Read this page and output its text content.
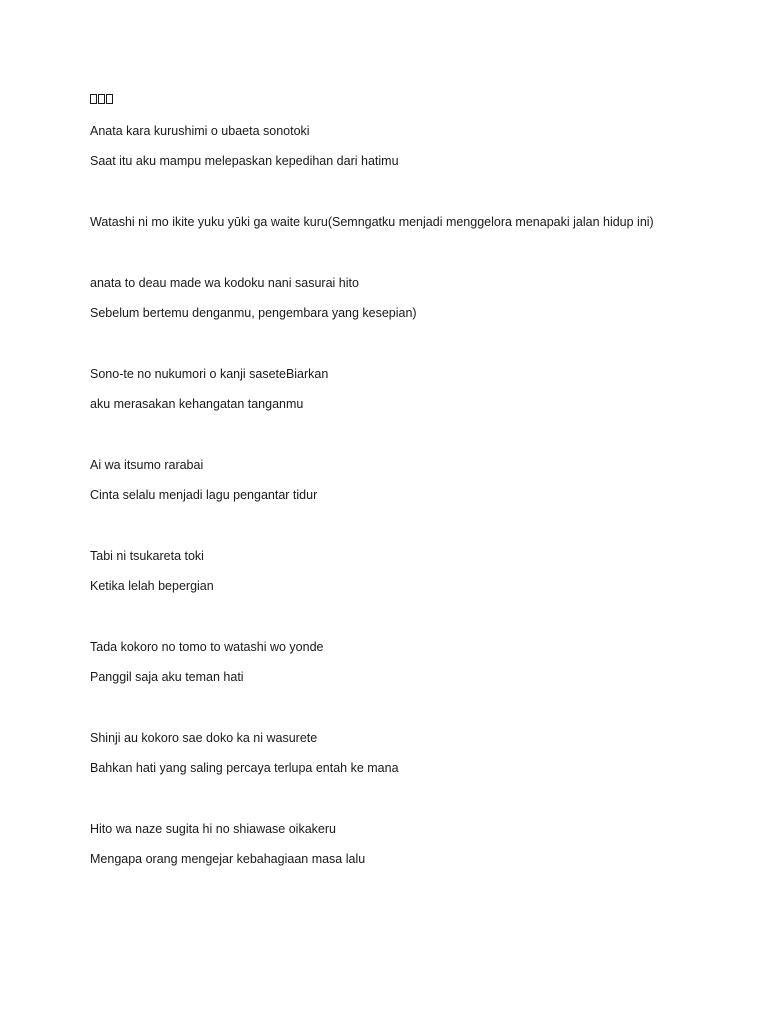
Anata kara kurushimi o ubaeta sonotoki
Saat itu aku mampu melepaskan kepedihan dari hatimu
Watashi ni mo ikite yuku yūki ga waite kuru(Semngatku menjadi menggelora menapaki jalan hidup ini)
anata to deau made wa kodoku nani sasurai hito
Sebelum bertemu denganmu, pengembara yang kesepian)
Sono-te no nukumori o kanji saseteBiarkan
aku merasakan kehangatan tanganmu
Ai wa itsumo rarabai
Cinta selalu menjadi lagu pengantar tidur
Tabi ni tsukareta toki
Ketika lelah bepergian
Tada kokoro no tomo to watashi wo yonde
Panggil saja aku teman hati
Shinji au kokoro sae doko ka ni wasurete
Bahkan hati yang saling percaya terlupa entah ke mana
Hito wa naze sugita hi no shiawase oikakeru
Mengapa orang mengejar kebahagiaan masa lalu
